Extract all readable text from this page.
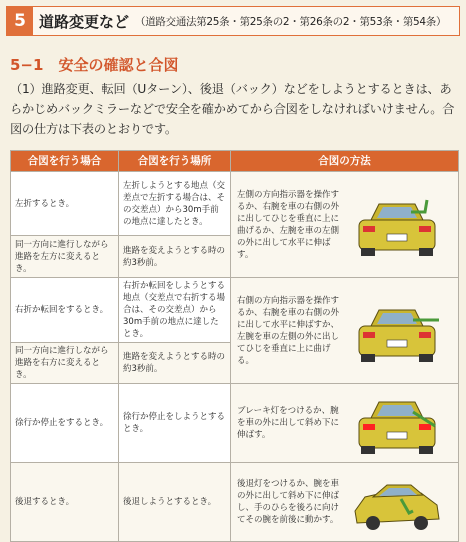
5 道路変更など （道路交通法第25条・第25条の2・第26条の2・第53条・第54条）
5−1　安全の確認と合図
（1）進路変更、転回（Uターン）、後退（バック）などをしようとするときは、あらかじめバックミラーなどで安全を確かめてから合図をしなければいけません。合図の仕方は下表のとおりです。
合図を行う場合	合図を行う場所	合図の方法
左折するとき。	左折しようとする地点（交差点で左折する場合は、その交差点）から30m手前の地点に達したとき。	左側の方向指示器を操作するか、右腕を車の右側の外に出してひじを垂直に上に曲げるか、左腕を車の左側の外に出して水平に伸ばす。

同一方向に進行しながら進路を左方に変えるとき。	進路を変えようとする時の約3秒前。	
右折か転回をするとき。	右折か転回をしようとする地点（交差点で右折する場合は、その交差点）から30m手前の地点に達したとき。	右側の方向指示器を操作するか、右腕を車の右側の外に出して水平に伸ばすか、左腕を車の左側の外に出してひじを垂直に上に曲げる。

同一方向に進行しながら進路を右方に変えるとき。	進路を変えようとする時の約3秒前。	
徐行か停止をするとき。	徐行か停止をしようとするとき。	ブレーキ灯をつけるか、腕を車の外に出して斜め下に伸ばす。

後退するとき。	後退しようとするとき。	後退灯をつけるか、腕を車の外に出して斜め下に伸ばし、手のひらを後ろに向けてその腕を前後に動かす。
